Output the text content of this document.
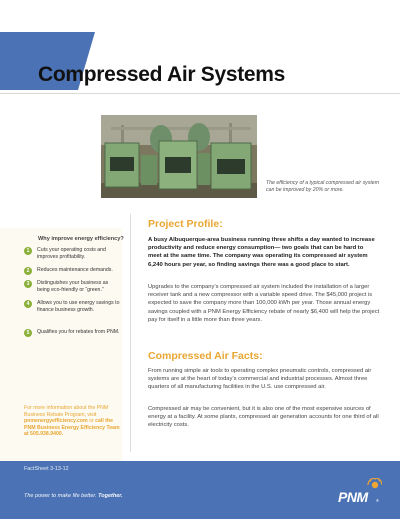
Compressed Air Systems
The efficiency of a typical compressed air system can be improved by 20% or more.
Why improve energy efficiency?
1	Cuts your operating costs and improves profitability.
2	Reduces maintenance demands.
3	Distinguishes your business as being eco-friendly or “green.”
4	Allows you to use energy savings to finance business growth.
5	Qualifies you for rebates from PNM.
For more information about the PNM Business Rebate Program, visit pnmenergyefficiency.com or call the PNM Business Energy Efficiency Team at 505.938.9400.
Project Profile:
A busy Albuquerque-area business running three shifts a day wanted to increase productivity and reduce energy consumption— two goals that can be hard to meet at the same time. The company was operating its compressed air system 6,240 hours per year, so finding savings there was a good place to start.
Upgrades to the company’s compressed air system included the installation of a larger receiver tank and a new compressor with a variable speed drive. The $45,000 project is expected to save the company more than 100,000 kWh per year. Those annual energy savings coupled with a PNM Energy Efficiency rebate of nearly $6,400 will help the project pay for itself in a little more than three years.
Compressed Air Facts:
From running simple air tools to operating complex pneumatic controls, compressed air systems are at the heart of today’s commercial and industrial processes. Almost three quarters of all manufacturing facilities in the U.S. use compressed air.
Compressed air may be convenient, but it is also one of the most expensive sources of energy at a facility. At some plants, compressed air generation accounts for one third of all electricity costs.
FactSheet 3-13-12
The power to make life better. Together.	PNM ®
